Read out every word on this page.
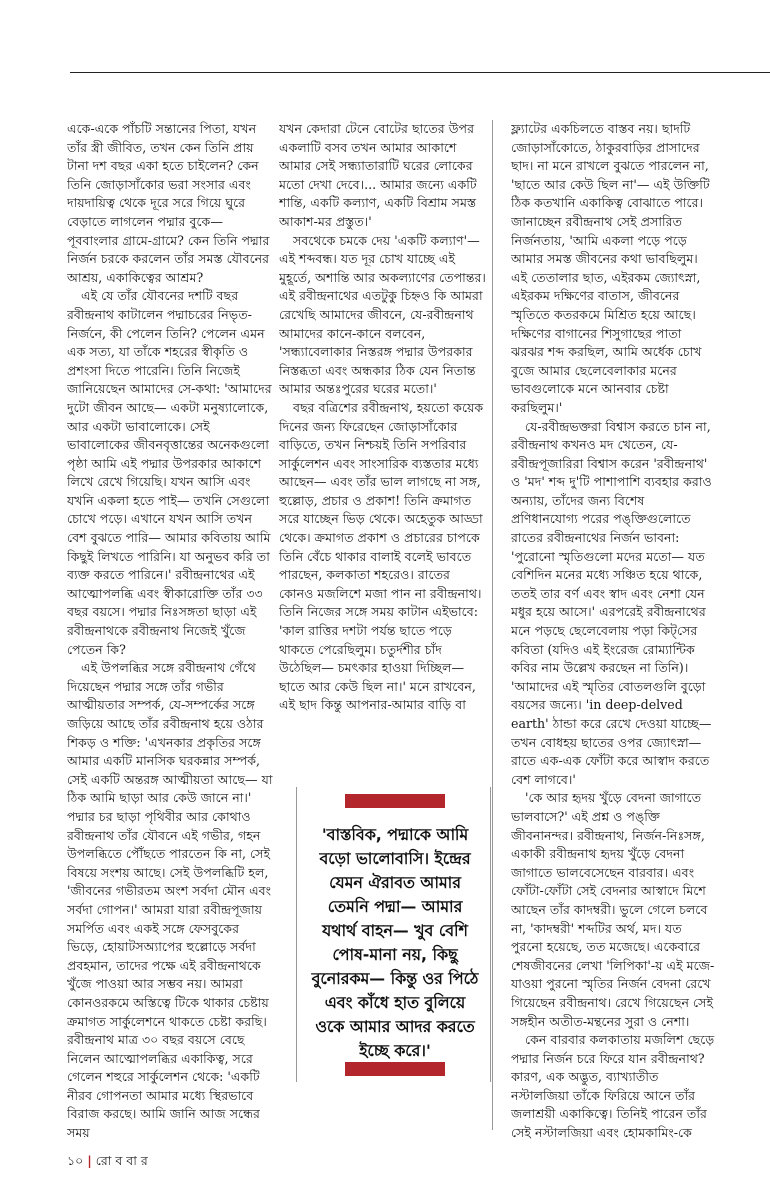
একে-একে পাঁচটি সন্তানের পিতা, যখন তাঁর স্ত্রী জীবিত, তখন কেন তিনি প্রায় টানা দশ বছর একা হতে চাইলেন? কেন তিনি জোড়াসাঁকোর ভরা সংসার এবং দায়দায়িত্ব থেকে দূরে সরে গিয়ে ঘুরে বেড়াতে লাগলেন পদ্মার বুকে— পূববাংলার গ্রামে-গ্রামে? কেন তিনি পদ্মার নির্জন চরকে করলেন তাঁর সমস্ত যৌবনের আশ্রয়, একাকিত্বের আশ্রম?

এই যে তাঁর যৌবনের দশটি বছর রবীন্দ্রনাথ কাটালেন পদ্মাচরের নিভৃত-নির্জনে, কী পেলেন তিনি? পেলেন এমন এক সত্য, যা তাঁকে শহরের স্বীকৃতি ও প্রশংসা দিতে পারেনি। তিনি নিজেই জানিয়েছেন আমাদের সে-কথা: 'আমাদের দুটো জীবন আছে— একটা মনুষ্যালোকে, আর একটা ভাবালোকে। সেই ভাবালোকের জীবনবৃত্তান্তের অনেকগুলো পৃষ্ঠা আমি এই পদ্মার উপরকার আকাশে লিখে রেখে গিয়েছি। যখন আসি এবং যখনি একলা হতে পাই— তখনি সেগুলো চোখে পড়ে। এখানে যখন আসি তখন বেশ বুঝতে পারি— আমার কবিতায় আমি কিছুই লিখতে পারিনি। যা অনুভব করি তা ব্যক্ত করতে পারিনে।' রবীন্দ্রনাথের এই আত্মোপলব্ধি এবং স্বীকারোক্তি তাঁর ৩৩ বছর বয়সে। পদ্মার নিঃসঙ্গতা ছাড়া এই রবীন্দ্রনাথকে রবীন্দ্রনাথ নিজেই খুঁজে পেতেন কি?

এই উপলব্ধির সঙ্গে রবীন্দ্রনাথ গেঁথে দিয়েছেন পদ্মার সঙ্গে তাঁর গভীর আত্মীয়তার সম্পর্ক, যে-সম্পর্কের সঙ্গে জড়িয়ে আছে তাঁর রবীন্দ্রনাথ হয়ে ওঠার শিকড় ও শক্তি: 'এখনকার প্রকৃতির সঙ্গে আমার একটি মানসিক ঘরকন্নার সম্পর্ক, সেই একটি অন্তরঙ্গ আত্মীয়তা আছে— যা ঠিক আমি ছাড়া আর কেউ জানে না।' পদ্মার চর ছাড়া পৃথিবীর আর কোথাও রবীন্দ্রনাথ তাঁর যৌবনে এই গভীর, গহন উপলব্ধিতে পৌঁছতে পারতেন কি না, সেই বিষয়ে সংশয় আছে। সেই উপলব্ধিটি হল, 'জীবনের গভীরতম অংশ সর্বদা মৌন এবং সর্বদা গোপন।' আমরা যারা রবীন্দ্রপূজায় সমর্পিত এবং একই সঙ্গে ফেসবুকের ভিড়ে, হোয়াটসঅ্যাপের হুল্লোড়ে সর্বদা প্রবহমান, তাদের পক্ষে এই রবীন্দ্রনাথকে খুঁজে পাওয়া আর সম্ভব নয়। আমরা কোনওরকমে অস্তিত্বে টিকে থাকার চেষ্টায় ক্রমাগত সার্কুলেশনে থাকতে চেষ্টা করছি। রবীন্দ্রনাথ মাত্র ৩০ বছর বয়সে বেছে নিলেন আত্মোপলব্ধির একাকিত্ব, সরে গেলেন শহুরে সার্কুলেশন থেকে: 'একটি নীরব গোপনতা আমার মধ্যে স্থিরভাবে বিরাজ করছে। আমি জানি আজ সন্ধের সময়

যখন কেদারা টেনে বোটের ছাতের উপর একলাটি বসব তখন আমার আকাশে আমার সেই সন্ধ্যাতারাটি ঘরের লোকের মতো দেখা দেবে।... আমার জন্যে একটি শান্তি, একটি কল্যাণ, একটি বিশ্রাম সমস্ত আকাশ-মর প্রস্তুত।'

সবথেকে চমকে দেয় 'একটি কল্যাণ'— এই শব্দবন্ধ। যত দূর চোখ যাচ্ছে এই মুহূর্তে, অশান্তি আর অকল্যাণের তেপান্তর। এই রবীন্দ্রনাথের এতটুকু চিহ্নও কি আমরা রেখেছি আমাদের জীবনে, যে-রবীন্দ্রনাথ আমাদের কানে-কানে বলবেন, 'সন্ধ্যাবেলাকার নিস্তরঙ্গ পদ্মার উপরকার নিস্তব্ধতা এবং অন্ধকার ঠিক যেন নিতান্ত আমার অন্তঃপুরের ঘরের মতো।'

বছর বত্রিশের রবীন্দ্রনাথ, হয়তো কয়েক দিনের জন্য ফিরেছেন জোড়াসাঁকোর বাড়িতে, তখন নিশ্চয়ই তিনি সপরিবার সার্কুলেশন এবং সাংসারিক ব্যস্ততার মধ্যে আছেন— এবং তাঁর ভাল লাগছে না সঙ্গ, হুল্লোড়, প্রচার ও প্রকাশ! তিনি ক্রমাগত সরে যাচ্ছেন ভিড় থেকে। অহেতুক আড্ডা থেকে। ক্রমাগত প্রকাশ ও প্রচারের চাপকে তিনি বেঁচে থাকার বালাই বলেই ভাবতে পারছেন, কলকাতা শহরেও। রাতের কোনও মজলিশে মজা পান না রবীন্দ্রনাথ। তিনি নিজের সঙ্গে সময় কাটান এইভাবে: 'কাল রাত্তির দশটা পর্যন্ত ছাতে পড়ে থাকতে পেরেছিলুম। চতুর্দশীর চাঁদ উঠেছিল— চমৎকার হাওয়া দিচ্ছিল— ছাতে আর কেউ ছিল না।' মনে রাখবেন, এই ছাদ কিন্তু আপনার-আমার বাড়ি বা

ফ্ল্যাটের একচিলতে বাস্তব নয়। ছাদটি জোড়াসাঁকোতে, ঠাকুরবাড়ির প্রাসাদের ছাদ। না মনে রাখলে বুঝতে পারলেন না, 'ছাতে আর কেউ ছিল না'— এই উক্তিটি ঠিক কতখানি একাকিত্ব বোঝাতে পারে। জানাচ্ছেন রবীন্দ্রনাথ সেই প্রসারিত নির্জনতায়, 'আমি একলা পড়ে পড়ে আমার সমস্ত জীবনের কথা ভাবছিলুম। এই তেতালার ছাত, এইরকম জ্যোৎস্না, এইরকম দক্ষিণের বাতাস, জীবনের স্মৃতিতে কতরকমে মিশ্রিত হয়ে আছে। দক্ষিণের বাগানের শিসুগাছের পাতা ঝরঝর শব্দ করছিল, আমি অর্ধেক চোখ বুজে আমার ছেলেবেলাকার মনের ভাবগুলোকে মনে আনবার চেষ্টা করছিলুম।'

যে-রবীন্দ্রভক্তরা বিশ্বাস করতে চান না, রবীন্দ্রনাথ কখনও মদ খেতেন, যে-রবীন্দ্রপূজারিরা বিশ্বাস করেন 'রবীন্দ্রনাথ' ও 'মদ' শব্দ দু'টি পাশাপাশি ব্যবহার করাও অন্যায়, তাঁদের জন্য বিশেষ প্রণিধানযোগ্য পরের পঙ্‌ক্তিগুলোতে রাতের রবীন্দ্রনাথের নির্জন ভাবনা: 'পুরোনো স্মৃতিগুলো মদের মতো— যত বেশিদিন মনের মধ্যে সঞ্চিত হয়ে থাকে, ততই তার বর্ণ এবং স্বাদ এবং নেশা যেন মধুর হয়ে আসে।' এরপরেই রবীন্দ্রনাথের মনে পড়ছে ছেলেবেলায় পড়া কিট্‌সের কবিতা (যদিও এই ইংরেজ রোম্যান্টিক কবির নাম উল্লেখ করছেন না তিনি)। 'আমাদের এই স্মৃতির বোতলগুলি বুড়ো বয়সের জন্যে। 'in deep-delved earth' ঠান্ডা করে রেখে দেওয়া যাচ্ছে— তখন বোধহয় ছাতের ওপর জ্যোৎস্না— রাতে এক-এক ফোঁটা করে আস্বাদ করতে বেশ লাগবে।'

'কে আর হৃদয় খুঁড়ে বেদনা জাগাতে ভালবাসে?' এই প্রশ্ন ও পঙ্‌ক্তি জীবনানন্দর। রবীন্দ্রনাথ, নির্জন-নিঃসঙ্গ, একাকী রবীন্দ্রনাথ হৃদয় খুঁড়ে বেদনা জাগাতে ভালবেসেছেন বারবার। এবং ফোঁটা-ফোঁটা সেই বেদনার আস্বাদে মিশে আছেন তাঁর কাদম্বরী। ভুলে গেলে চলবে না, 'কাদম্বরী' শব্দটির অর্থ, মদ। যত পুরনো হয়েছে, তত মজেছে। একেবারে শেষজীবনের লেখা 'লিপিকা'-য় এই মজে-যাওয়া পুরনো স্মৃতির নির্জন বেদনা রেখে গিয়েছেন রবীন্দ্রনাথ। রেখে গিয়েছেন সেই সঙ্গহীন অতীত-মন্থনের সুরা ও নেশা।

কেন বারবার কলকাতায় মজলিশ ছেড়ে পদ্মার নির্জন চরে ফিরে যান রবীন্দ্রনাথ? কারণ, এক অদ্ভুত, ব্যাখ্যাতীত নস্টালজিয়া তাঁকে ফিরিয়ে আনে তাঁর জলাশ্রয়ী একাকিত্বে। তিনিই পারেন তাঁর সেই নস্টালজিয়া এবং হোমকামিং-কে

'বাস্তবিক, পদ্মাকে আমি বড়ো ভালোবাসি। ইন্দ্রের যেমন ঐরাবত আমার তেমনি পদ্মা— আমার যথার্থ বাহন— খুব বেশি পোষ-মানা নয়, কিছু বুনোরকম— কিন্তু ওর পিঠে এবং কাঁধে হাত বুলিয়ে ওকে আমার আদর করতে ইচ্ছে করে।'
১০ | রো ব বা র
